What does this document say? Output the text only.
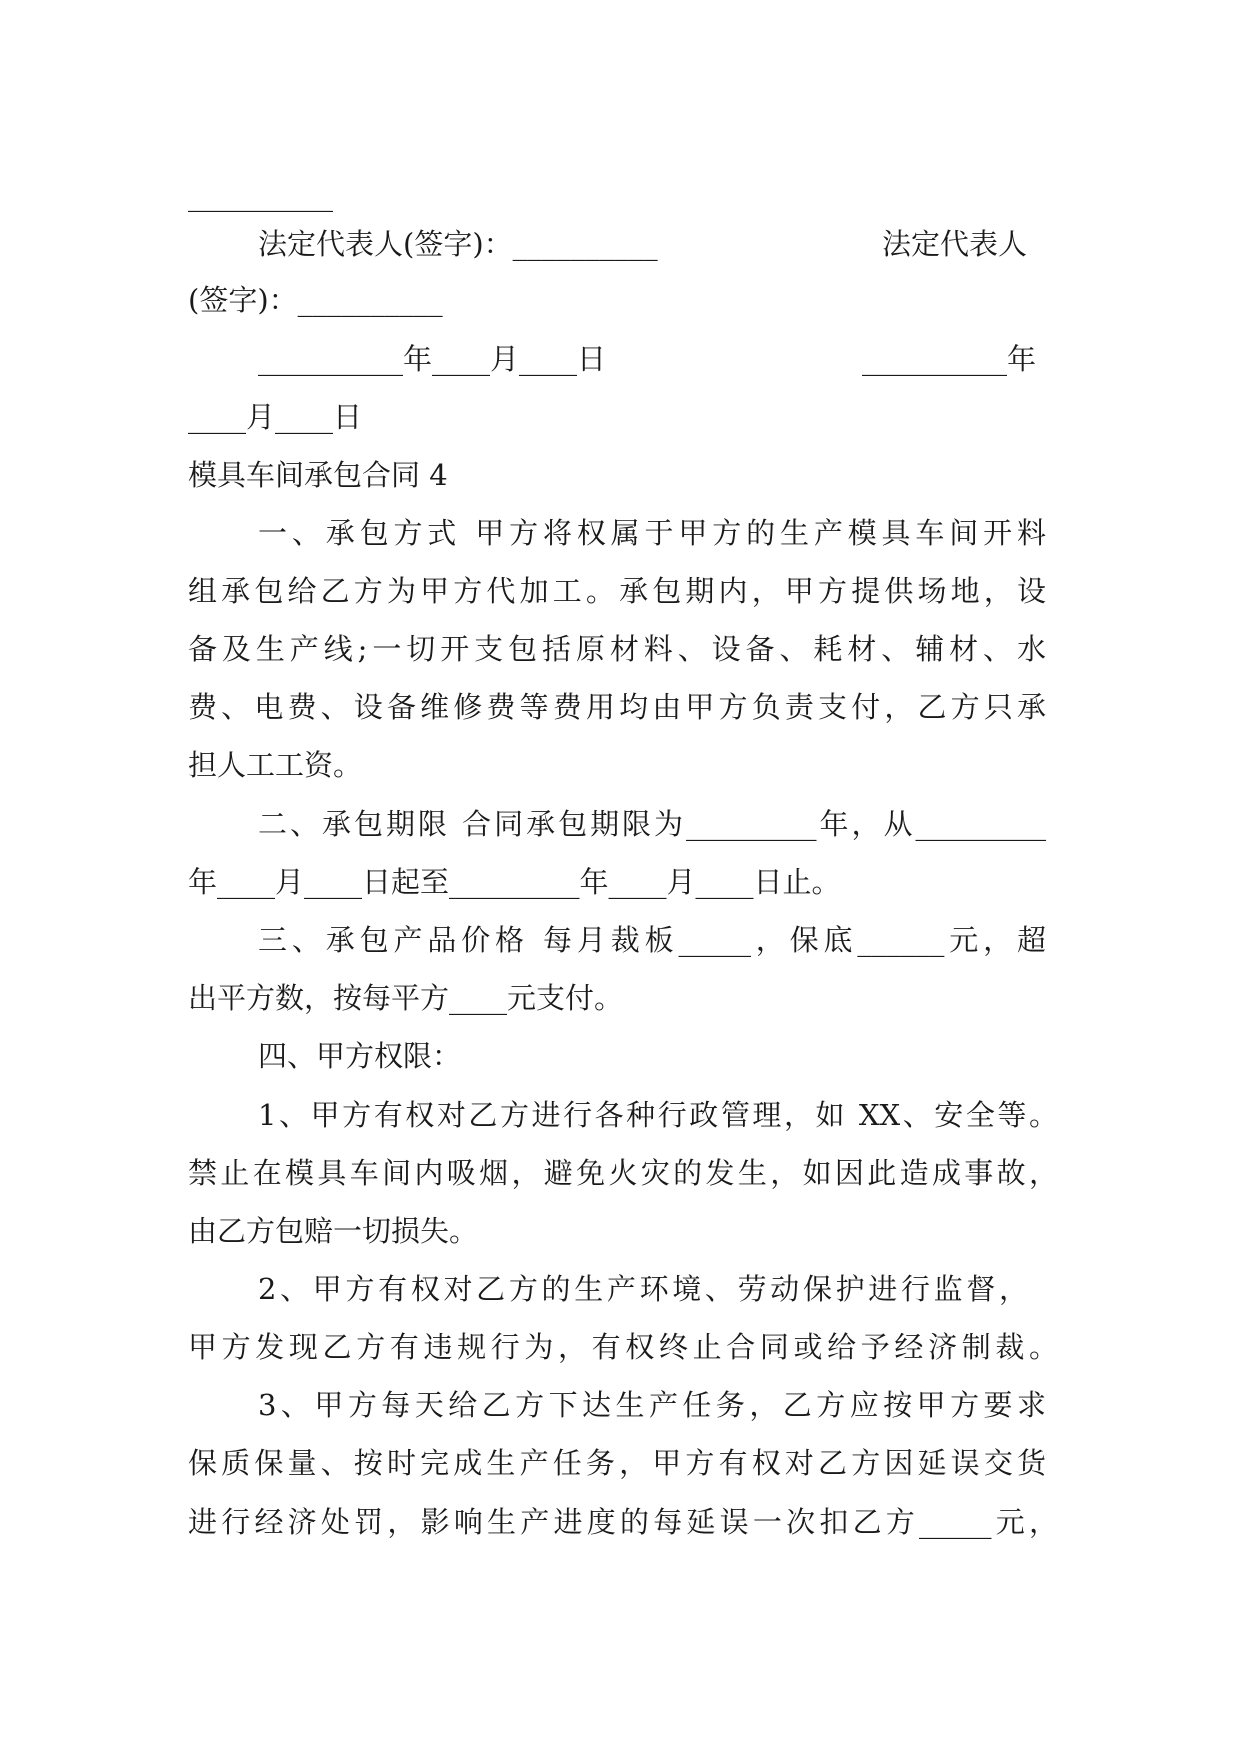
__________

法定代表人(签字)：__________

	法定代表人

(签字)：__________

__________年____月____日

	__________年

____月____日

模具车间承包合同 4

一、承包方式 甲方将权属于甲方的生产模具车间开料

组承包给乙方为甲方代加工。承包期内，甲方提供场地，设

备及生产线;一切开支包括原材料、设备、耗材、辅材、水

费、电费、设备维修费等费用均由甲方负责支付，乙方只承

担人工工资。

二、承包期限 合同承包期限为_________年，从_________

年____月____日起至_________年____月____日止。

三、承包产品价格 每月裁板_____，保底______元，超

出平方数，按每平方____元支付。

四、甲方权限：

1、甲方有权对乙方进行各种行政管理，如 XX、安全等。

禁止在模具车间内吸烟，避免火灾的发生，如因此造成事故，

由乙方包赔一切损失。

2、甲方有权对乙方的生产环境、劳动保护进行监督，

甲方发现乙方有违规行为，有权终止合同或给予经济制裁。

3、甲方每天给乙方下达生产任务，乙方应按甲方要求

保质保量、按时完成生产任务，甲方有权对乙方因延误交货

进行经济处罚，影响生产进度的每延误一次扣乙方_____元，
